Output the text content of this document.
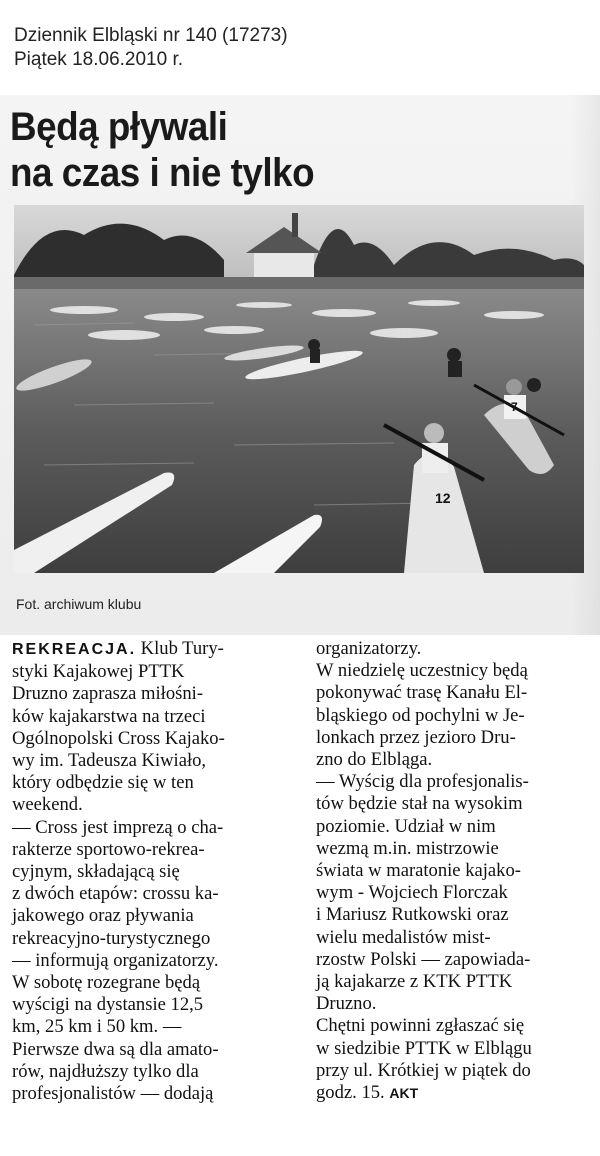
Dziennik Elbląski nr 140 (17273)
Piątek 18.06.2010 r.
Będą pływali
na czas i nie tylko
12
7
Fot. archiwum klubu

REKREACJA. Klub Tury-

styki Kajakowej PTTK

Druzno zaprasza miłośni-

ków kajakarstwa na trzeci

Ogólnopolski Cross Kajako-

wy im. Tadeusza Kiwiało,

który odbędzie się w ten

weekend.

— Cross jest imprezą o cha-

rakterze sportowo-rekrea-

cyjnym, składającą się

z dwóch etapów: crossu ka-

jakowego oraz pływania

rekreacyjno-turystycznego

— informują organizatorzy.

W sobotę rozegrane będą

wyścigi na dystansie 12,5

km, 25 km i 50 km. —

Pierwsze dwa są dla amato-

rów, najdłuższy tylko dla

profesjonalistów — dodają

organizatorzy.

W niedzielę uczestnicy będą

pokonywać trasę Kanału El-

bląskiego od pochylni w Je-

lonkach przez jezioro Dru-

zno do Elbląga.

— Wyścig dla profesjonalis-

tów będzie stał na wysokim

poziomie. Udział w nim

wezmą m.in. mistrzowie

świata w maratonie kajako-

wym - Wojciech Florczak

i Mariusz Rutkowski oraz

wielu medalistów mist-

rzostw Polski — zapowiada-

ją kajakarze z KTK PTTK

Druzno.

Chętni powinni zgłaszać się

w siedzibie PTTK w Elblągu

przy ul. Krótkiej w piątek do

godz. 15. AKT
